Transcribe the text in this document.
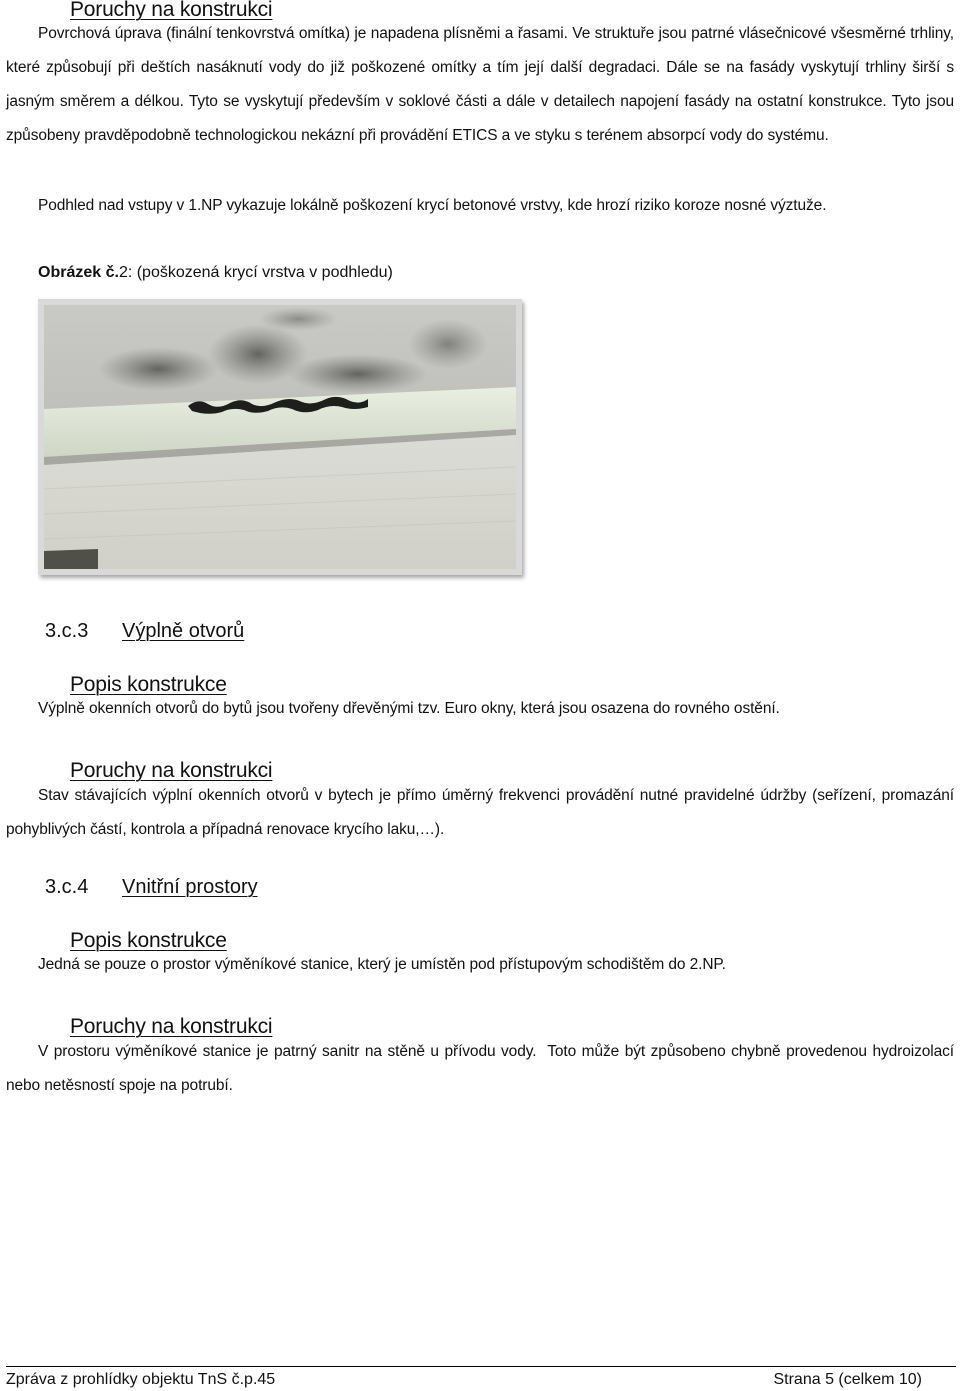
Poruchy na konstrukci
Povrchová úprava (finální tenkovrstvá omítka) je napadena plísněmi a řasami. Ve struktuře jsou patrné vlásečnicové všesměrné trhliny, které způsobují při deštích nasáknutí vody do již poškozené omítky a tím její další degradaci. Dále se na fasády vyskytují trhliny širší s jasným směrem a délkou. Tyto se vyskytují především v soklové části a dále v detailech napojení fasády na ostatní konstrukce. Tyto jsou způsobeny pravděpodobně technologickou nekázní při provádění ETICS a ve styku s terénem absorpcí vody do systému.
Podhled nad vstupy v 1.NP vykazuje lokálně poškození krycí betonové vrstvy, kde hrozí riziko koroze nosné výztuže.
Obrázek č.2: (poškozená krycí vrstva v podhledu)
3.c.3 Výplně otvorů
Popis konstrukce
Výplně okenních otvorů do bytů jsou tvořeny dřevěnými tzv. Euro okny, která jsou osazena do rovného ostění.
Poruchy na konstrukci
Stav stávajících výplní okenních otvorů v bytech je přímo úměrný frekvenci provádění nutné pravidelné údržby (seřízení, promazání pohyblivých částí, kontrola a případná renovace krycího laku,…).
3.c.4 Vnitřní prostory
Popis konstrukce
Jedná se pouze o prostor výměníkové stanice, který je umístěn pod přístupovým schodištěm do 2.NP.
Poruchy na konstrukci
V prostoru výměníkové stanice je patrný sanitr na stěně u přívodu vody.  Toto může být způsobeno chybně provedenou hydroizolací nebo netěsností spoje na potrubí.
Zpráva z prohlídky objektu TnS č.p.45	Strana 5 (celkem 10)
